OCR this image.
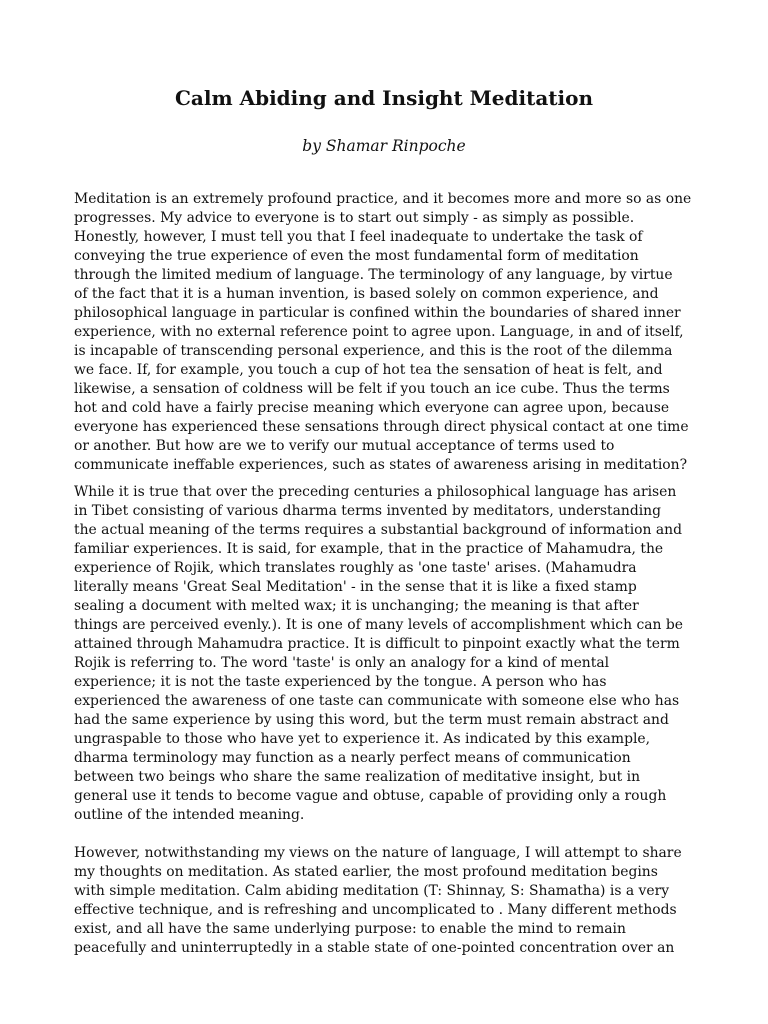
Calm Abiding and Insight Meditation

by Shamar Rinpoche

Meditation is an extremely profound practice, and it becomes more and more so as one
progresses. My advice to everyone is to start out simply - as simply as possible.
Honestly, however, I must tell you that I feel inadequate to undertake the task of
conveying the true experience of even the most fundamental form of meditation
through the limited medium of language. The terminology of any language, by virtue
of the fact that it is a human invention, is based solely on common experience, and
philosophical language in particular is confined within the boundaries of shared inner
experience, with no external reference point to agree upon. Language, in and of itself,
is incapable of transcending personal experience, and this is the root of the dilemma
we face. If, for example, you touch a cup of hot tea the sensation of heat is felt, and
likewise, a sensation of coldness will be felt if you touch an ice cube. Thus the terms
hot and cold have a fairly precise meaning which everyone can agree upon, because
everyone has experienced these sensations through direct physical contact at one time
or another. But how are we to verify our mutual acceptance of terms used to
communicate ineffable experiences, such as states of awareness arising in meditation?
While it is true that over the preceding centuries a philosophical language has arisen
in Tibet consisting of various dharma terms invented by meditators, understanding
the actual meaning of the terms requires a substantial background of information and
familiar experiences. It is said, for example, that in the practice of Mahamudra, the
experience of Rojik, which translates roughly as 'one taste' arises. (Mahamudra
literally means 'Great Seal Meditation' - in the sense that it is like a fixed stamp
sealing a document with melted wax; it is unchanging; the meaning is that after
things are perceived evenly.). It is one of many levels of accomplishment which can be
attained through Mahamudra practice. It is difficult to pinpoint exactly what the term
Rojik is referring to. The word 'taste' is only an analogy for a kind of mental
experience; it is not the taste experienced by the tongue. A person who has
experienced the awareness of one taste can communicate with someone else who has
had the same experience by using this word, but the term must remain abstract and
ungraspable to those who have yet to experience it. As indicated by this example,
dharma terminology may function as a nearly perfect means of communication
between two beings who share the same realization of meditative insight, but in
general use it tends to become vague and obtuse, capable of providing only a rough
outline of the intended meaning.
However, notwithstanding my views on the nature of language, I will attempt to share
my thoughts on meditation. As stated earlier, the most profound meditation begins
with simple meditation. Calm abiding meditation (T: Shinnay, S: Shamatha) is a very
effective technique, and is refreshing and uncomplicated to . Many different methods
exist, and all have the same underlying purpose: to enable the mind to remain
peacefully and uninterruptedly in a stable state of one-pointed concentration over an
